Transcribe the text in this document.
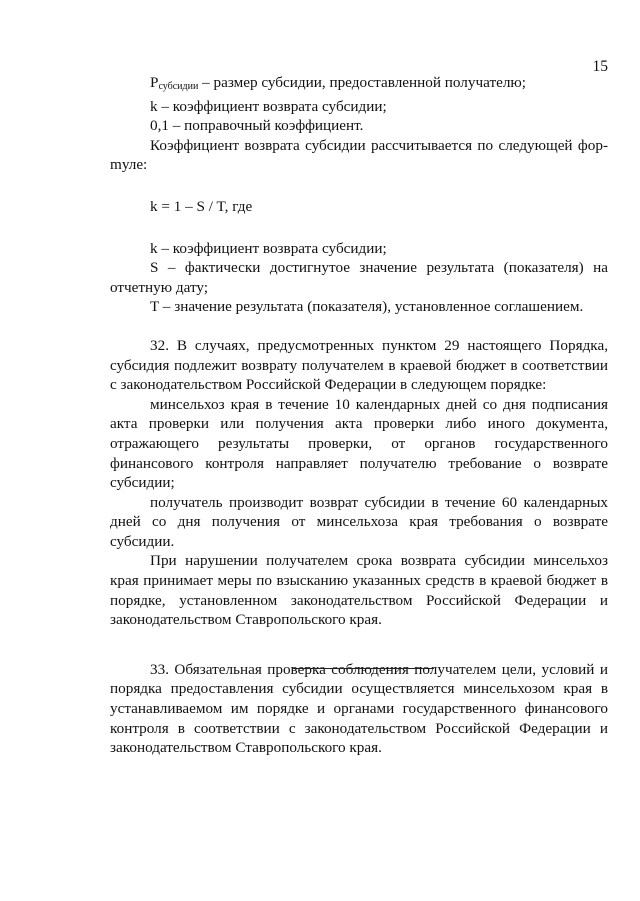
15

$P_{субсидии}$ – размер субсидии, предоставленной получателю;

k – коэффициент возврата субсидии;

0,1 – поправочный коэффициент.

Коэффициент возврата субсидии рассчитывается по следующей форmуле:

k = 1 – S / T, где

k – коэффициент возврата субсидии;

S – фактически достигнутое значение результата (показателя) на отчетную дату;

T – значение результата (показателя), установленное соглашением.

32. В случаях, предусмотренных пунктом 29 настоящего Порядка, субсидия подлежит возврату получателем в краевой бюджет в соответствии с законодательством Российской Федерации в следующем порядке:

минсельхоз края в течение 10 календарных дней со дня подписания акта проверки или получения акта проверки либо иного документа, отражающего результаты проверки, от органов государственного финансового контроля направляет получателю требование о возврате субсидии;

получатель производит возврат субсидии в течение 60 календарных дней со дня получения от минсельхоза края требования о возврате субсидии.

При нарушении получателем срока возврата субсидии минсельхоз края принимает меры по взысканию указанных средств в краевой бюджет в порядке, установленном законодательством Российской Федерации и законодательством Ставропольского края.

33. Обязательная проверка соблюдения получателем цели, условий и порядка предоставления субсидии осуществляется минсельхозом края в устанавливаемом им порядке и органами государственного финансового контроля в соответствии с законодательством Российской Федерации и законодательством Ставропольского края.
